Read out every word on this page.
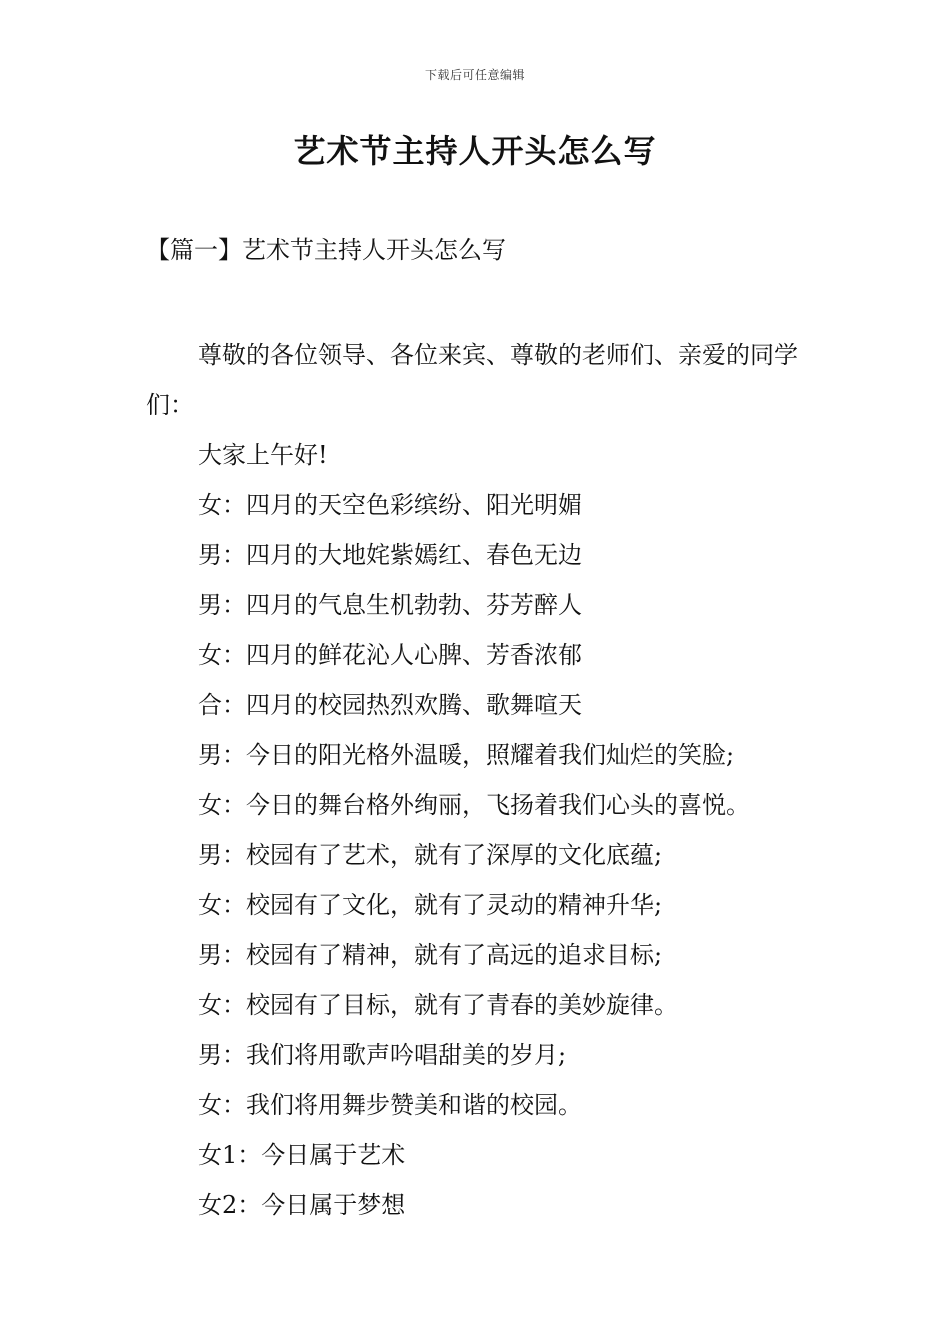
下载后可任意编辑
艺术节主持人开头怎么写
【篇一】艺术节主持人开头怎么写

尊敬的各位领导、各位来宾、尊敬的老师们、亲爱的同学们：

大家上午好!

女：四月的天空色彩缤纷、阳光明媚

男：四月的大地姹紫嫣红、春色无边

男：四月的气息生机勃勃、芬芳醉人

女：四月的鲜花沁人心脾、芳香浓郁

合：四月的校园热烈欢腾、歌舞喧天

男：今日的阳光格外温暖，照耀着我们灿烂的笑脸;

女：今日的舞台格外绚丽，飞扬着我们心头的喜悦。

男：校园有了艺术，就有了深厚的文化底蕴;

女：校园有了文化，就有了灵动的精神升华;

男：校园有了精神，就有了高远的追求目标;

女：校园有了目标，就有了青春的美妙旋律。

男：我们将用歌声吟唱甜美的岁月;

女：我们将用舞步赞美和谐的校园。

女1：今日属于艺术

女2：今日属于梦想
